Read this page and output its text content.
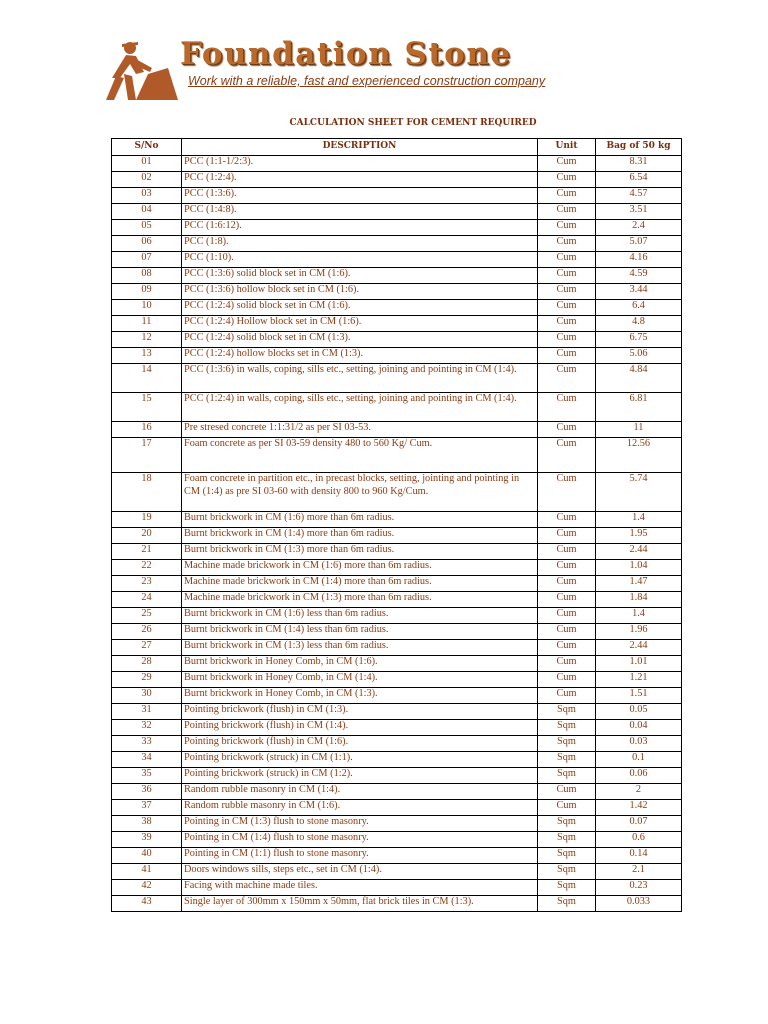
Foundation Stone
Work with a reliable, fast and experienced construction company
CALCULATION SHEET FOR CEMENT REQUIRED
S/No	DESCRIPTION	Unit	Bag of 50 kg
01	PCC (1:1-1/2:3).	Cum	8.31
02	PCC (1:2:4).	Cum	6.54
03	PCC (1:3:6).	Cum	4.57
04	PCC (1:4:8).	Cum	3.51
05	PCC (1:6:12).	Cum	2.4
06	PCC (1:8).	Cum	5.07
07	PCC (1:10).	Cum	4.16
08	PCC (1:3:6) solid block set in CM (1:6).	Cum	4.59
09	PCC (1:3:6) hollow block set in CM (1:6).	Cum	3.44
10	PCC (1:2:4) solid block set in CM (1:6).	Cum	6.4
11	PCC (1:2:4) Hollow block set in CM (1:6).	Cum	4.8
12	PCC (1:2:4) solid block set in CM (1:3).	Cum	6.75
13	PCC (1:2:4) hollow blocks set in CM (1:3).	Cum	5.06
14	PCC (1:3:6) in walls, coping, sills etc., setting, joining and pointing in CM (1:4).	Cum	4.84
15	PCC (1:2:4) in walls, coping, sills etc., setting, joining and pointing in CM (1:4).	Cum	6.81
16	Pre stresed concrete 1:1:31/2 as per SI 03-53.	Cum	11
17	Foam concrete as per SI 03-59 density 480 to 560 Kg/ Cum.	Cum	12.56
18	Foam concrete in partition etc., in precast blocks, setting, jointing and pointing in CM (1:4) as pre SI 03-60 with density 800 to 960 Kg/Cum.	Cum	5.74
19	Burnt brickwork in CM (1:6) more than 6m radius.	Cum	1.4
20	Burnt brickwork in CM (1:4) more than 6m radius.	Cum	1.95
21	Burnt brickwork in CM (1:3) more than 6m radius.	Cum	2.44
22	Machine made brickwork in CM (1:6) more than 6m radius.	Cum	1.04
23	Machine made brickwork in CM (1:4) more than 6m radius.	Cum	1.47
24	Machine made brickwork in CM (1:3) more than 6m radius.	Cum	1.84
25	Burnt brickwork in CM (1:6) less than 6m radius.	Cum	1.4
26	Burnt brickwork in CM (1:4) less than 6m radius.	Cum	1.96
27	Burnt brickwork in CM (1:3) less than 6m radius.	Cum	2.44
28	Burnt brickwork in Honey Comb, in CM (1:6).	Cum	1.01
29	Burnt brickwork in Honey Comb, in CM (1:4).	Cum	1.21
30	Burnt brickwork in Honey Comb, in CM (1:3).	Cum	1.51
31	Pointing brickwork (flush) in CM (1:3).	Sqm	0.05
32	Pointing brickwork (flush) in CM (1:4).	Sqm	0.04
33	Pointing brickwork (flush) in CM (1:6).	Sqm	0.03
34	Pointing brickwork (struck) in CM (1:1).	Sqm	0.1
35	Pointing brickwork (struck) in CM (1:2).	Sqm	0.06
36	Random rubble masonry in CM (1:4).	Cum	2
37	Random rubble masonry in CM (1:6).	Cum	1.42
38	Pointing in CM (1:3) flush to stone masonry.	Sqm	0.07
39	Pointing in CM (1:4) flush to stone masonry.	Sqm	0.6
40	Pointing in CM (1:1) flush to stone masonry.	Sqm	0.14
41	Doors windows sills, steps etc., set in CM (1:4).	Sqm	2.1
42	Facing with machine made tiles.	Sqm	0.23
43	Single layer of 300mm x 150mm x 50mm, flat brick tiles in CM (1:3).	Sqm	0.033
